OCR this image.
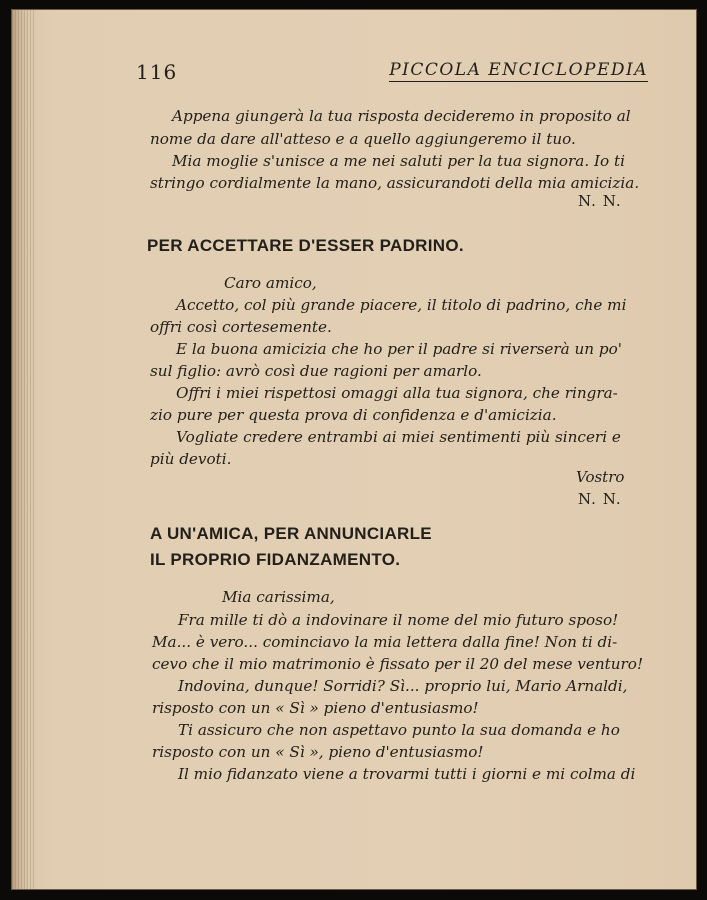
116	PICCOLA ENCICLOPEDIA
Appena giungerà la tua risposta decideremo in proposito al
nome da dare all'atteso e a quello aggiungeremo il tuo.
Mia moglie s'unisce a me nei saluti per la tua signora. Io ti
stringo cordialmente la mano, assicurandoti della mia amicizia.
N. N.
PER ACCETTARE D'ESSER PADRINO.
Caro amico,
Accetto, col più grande piacere, il titolo di padrino, che mi
offri così cortesemente.
E la buona amicizia che ho per il padre si riverserà un po'
sul figlio: avrò così due ragioni per amarlo.
Offri i miei rispettosi omaggi alla tua signora, che ringra-
zio pure per questa prova di confidenza e d'amicizia.
Vogliate credere entrambi ai miei sentimenti più sinceri e
più devoti.
Vostro
N. N.
A UN'AMICA, PER ANNUNCIARLE
IL PROPRIO FIDANZAMENTO.
Mia carissima,
Fra mille ti dò a indovinare il nome del mio futuro sposo!
Ma... è vero... cominciavo la mia lettera dalla fine! Non ti di-
cevo che il mio matrimonio è fissato per il 20 del mese venturo!
Indovina, dunque! Sorridi? Sì... proprio lui, Mario Arnaldi,
risposto con un « Sì » pieno d'entusiasmo!
Ti assicuro che non aspettavo punto la sua domanda e ho
risposto con un « Sì », pieno d'entusiasmo!
Il mio fidanzato viene a trovarmi tutti i giorni e mi colma di
